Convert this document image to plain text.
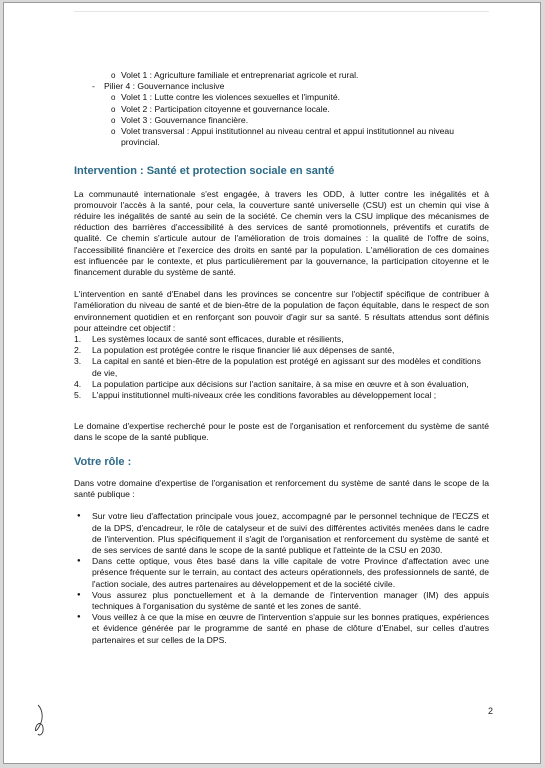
o Volet 1 : Agriculture familiale et entreprenariat agricole et rural.
- Pilier 4 : Gouvernance inclusive
o Volet 1 : Lutte contre les violences sexuelles et l'impunité.
o Volet 2 : Participation citoyenne et gouvernance locale.
o Volet 3 : Gouvernance financière.
o Volet transversal : Appui institutionnel au niveau central et appui institutionnel au niveau provincial.
Intervention : Santé et protection sociale en santé

La communauté internationale s'est engagée, à travers les ODD, à lutter contre les inégalités et à promouvoir l'accès à la santé, pour cela, la couverture santé universelle (CSU) est un chemin qui vise à réduire les inégalités de santé au sein de la société. Ce chemin vers la CSU implique des mécanismes de réduction des barrières d'accessibilité à des services de santé promotionnels, préventifs et curatifs de qualité. Ce chemin s'articule autour de l'amélioration de trois domaines : la qualité de l'offre de soins, l'accessibilité financière et l'exercice des droits en santé par la population. L'amélioration de ces domaines est influencée par le contexte, et plus particulièrement par la gouvernance, la participation citoyenne et le financement durable du système de santé.

L'intervention en santé d'Enabel dans les provinces se concentre sur l'objectif spécifique de contribuer à l'amélioration du niveau de santé et de bien-être de la population de façon équitable, dans le respect de son environnement quotidien et en renforçant son pouvoir d'agir sur sa santé. 5 résultats attendus sont définis pour atteindre cet objectif :

1. Les systèmes locaux de santé sont efficaces, durable et résilients,
2. La population est protégée contre le risque financier lié aux dépenses de santé,
3. La capital en santé et bien-être de la population est protégé en agissant sur des modèles et conditions de vie,
4. La population participe aux décisions sur l'action sanitaire, à sa mise en œuvre et à son évaluation,
5. L'appui institutionnel multi-niveaux crée les conditions favorables au développement local ;

Le domaine d'expertise recherché pour le poste est de l'organisation et renforcement du système de santé dans le scope de la santé publique.

Votre rôle :

Dans votre domaine d'expertise de l'organisation et renforcement du système de santé dans le scope de la santé publique :

● Sur votre lieu d'affectation principale vous jouez, accompagné par le personnel technique de l'ECZS et de la DPS, d'encadreur, le rôle de catalyseur et de suivi des différentes activités menées dans le cadre de l'intervention. Plus spécifiquement il s'agit de l'organisation et renforcement du système de santé et de ses services de santé dans le scope de la santé publique et l'atteinte de la CSU en 2030.
● Dans cette optique, vous êtes basé dans la ville capitale de votre Province d'affectation avec une présence fréquente sur le terrain, au contact des acteurs opérationnels, des professionnels de santé, de l'action sociale, des autres partenaires au développement et de la société civile.
● Vous assurez plus ponctuellement et à la demande de l'intervention manager (IM) des appuis techniques à l'organisation du système de santé et les zones de santé.
● Vous veillez à ce que la mise en œuvre de l'intervention s'appuie sur les bonnes pratiques, expériences et évidence générée par le programme de santé en phase de clôture d'Enabel, sur celles d'autres partenaires et sur celles de la DPS.
2
